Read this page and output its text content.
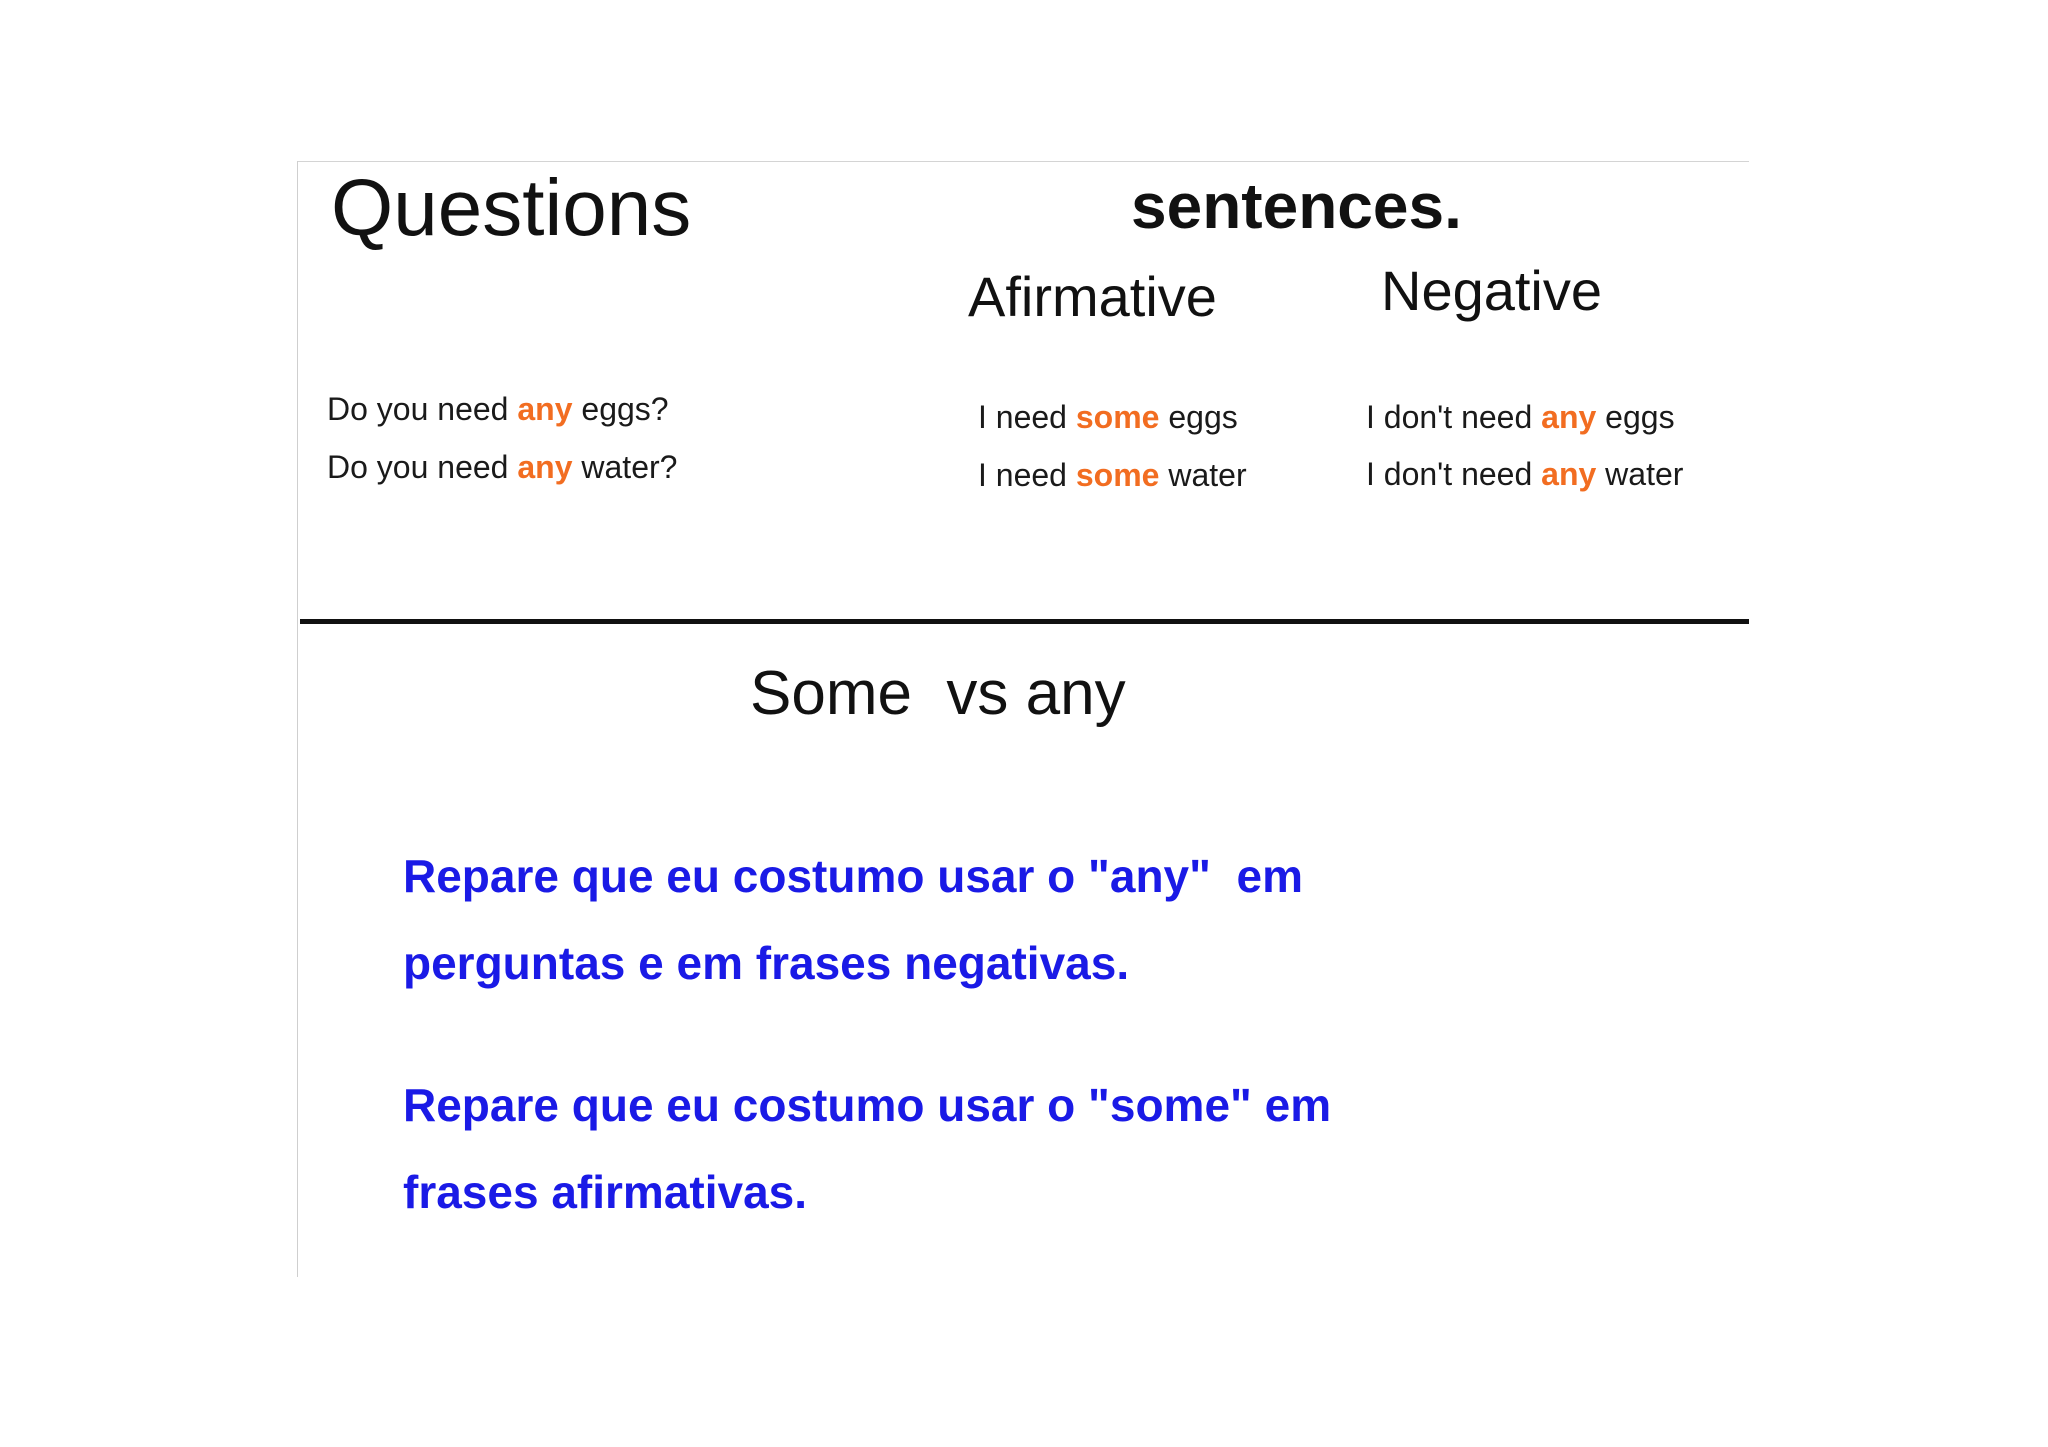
Questions	sentences.
Afirmative	Negative
Do you need any eggs?
Do you need any water?
I need some eggs
I need some water
I don't need any eggs
I don't need any water
Some  vs any
Repare que eu costumo usar o "any"  em
perguntas e em frases negativas.
Repare que eu costumo usar o "some" em
frases afirmativas.
